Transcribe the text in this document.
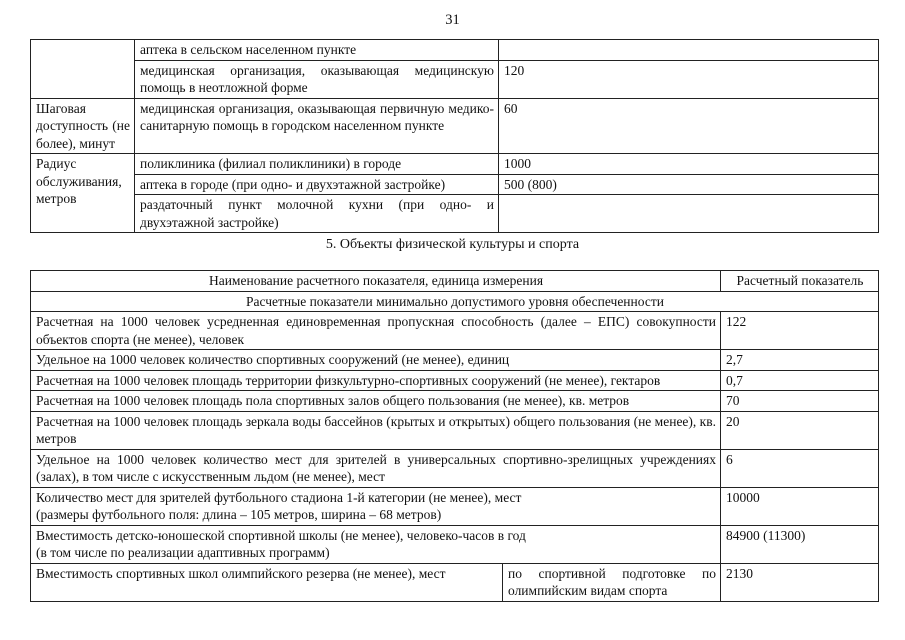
31
	аптека в сельском населенном пункте	
	медицинская организация, оказывающая медицинскую помощь в неотложной форме	120
Шаговая доступность (не более), минут	медицинская организация, оказывающая первичную медико-санитарную помощь в городском населенном пункте	60
Радиус обслуживания, метров	поликлиника (филиал поликлиники) в городе	1000
	аптека в городе (при одно- и двухэтажной застройке)	500 (800)
	раздаточный пункт молочной кухни (при одно- и двухэтажной застройке)	
5. Объекты физической культуры и спорта
Наименование расчетного показателя, единица измерения		Расчетный показатель
Расчетные показатели минимально допустимого уровня обеспеченности		
Расчетная на 1000 человек усредненная единовременная пропускная способность (далее – ЕПС) совокупности объектов спорта (не менее), человек		122
Удельное на 1000 человек количество спортивных сооружений (не менее), единиц		2,7
Расчетная на 1000 человек площадь территории физкультурно-спортивных сооружений (не менее), гектаров		0,7
Расчетная на 1000 человек площадь пола спортивных залов общего пользования (не менее), кв. метров		70
Расчетная на 1000 человек площадь зеркала воды бассейнов (крытых и открытых) общего пользования (не менее), кв. метров		20
Удельное на 1000 человек количество мест для зрителей в универсальных спортивно-зрелищных учреждениях (залах), в том числе с искусственным льдом (не менее), мест		6

Количество мест для зрителей футбольного стадиона 1-й категории (не менее), мест
(размеры футбольного поля: длина – 105 метров, ширина – 68 метров)		10000

Вместимость детско-юношеской спортивной школы (не менее), человеко-часов в год
(в том числе по реализации адаптивных программ)		84900 (11300)
Вместимость спортивных школ олимпийского резерва (не менее), мест	по спортивной подготовке по олимпийским видам спорта	2130
